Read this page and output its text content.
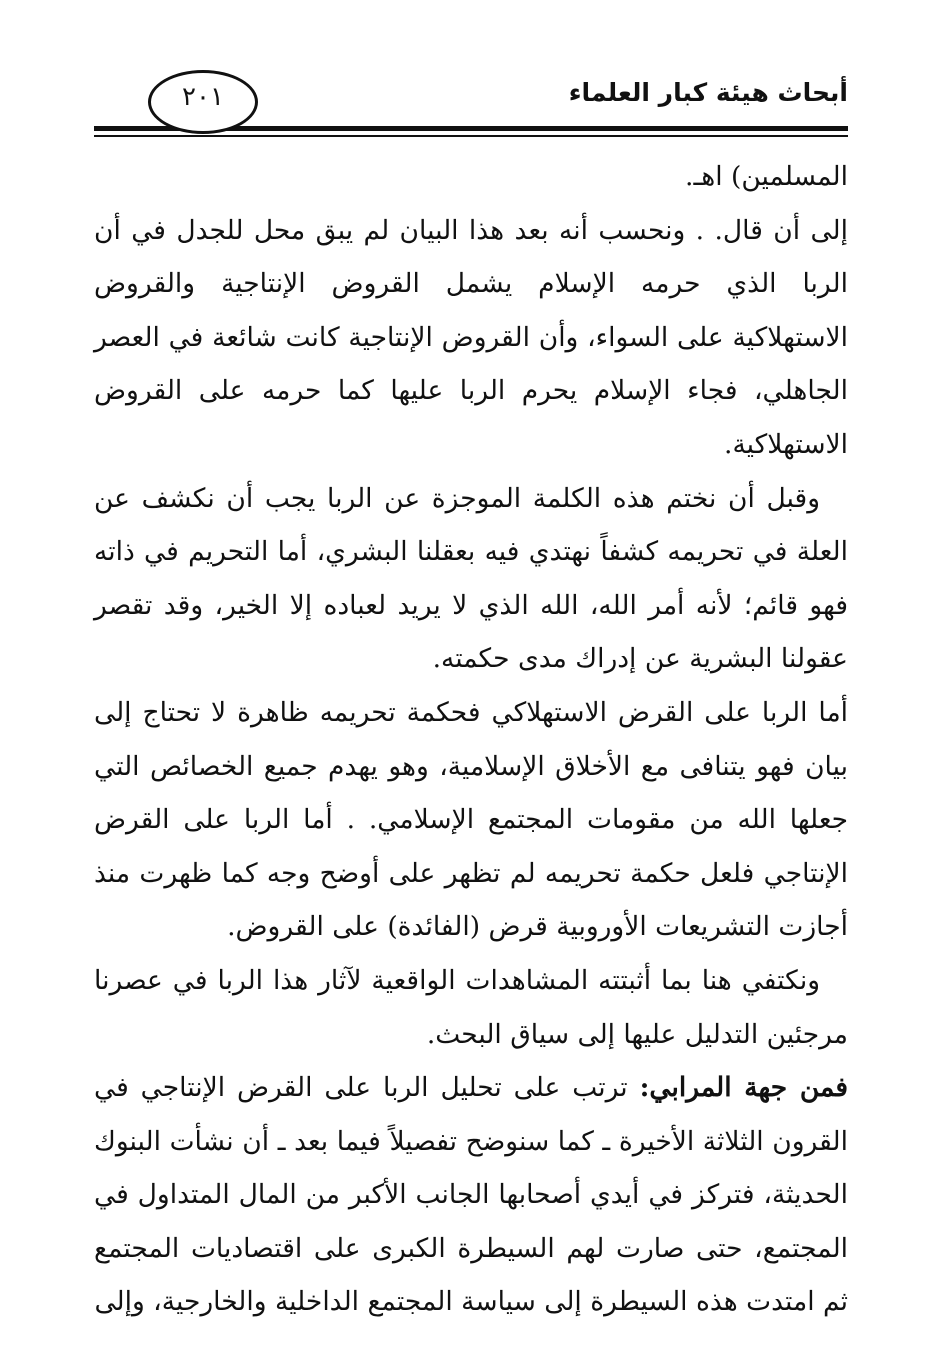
أبحاث هيئة كبار العلماء
٢٠١

المسلمين) اهـ.

إلى أن قال. . ونحسب أنه بعد هذا البيان لم يبق محل للجدل في أن الربا الذي حرمه الإسلام يشمل القروض الإنتاجية والقروض الاستهلاكية على السواء، وأن القروض الإنتاجية كانت شائعة في العصر الجاهلي، فجاء الإسلام يحرم الربا عليها كما حرمه على القروض الاستهلاكية.

وقبل أن نختم هذه الكلمة الموجزة عن الربا يجب أن نكشف عن العلة في تحريمه كشفاً نهتدي فيه بعقلنا البشري، أما التحريم في ذاته فهو قائم؛ لأنه أمر الله، الله الذي لا يريد لعباده إلا الخير، وقد تقصر عقولنا البشرية عن إدراك مدى حكمته.

أما الربا على القرض الاستهلاكي فحكمة تحريمه ظاهرة لا تحتاج إلى بيان فهو يتنافى مع الأخلاق الإسلامية، وهو يهدم جميع الخصائص التي جعلها الله من مقومات المجتمع الإسلامي. . أما الربا على القرض الإنتاجي فلعل حكمة تحريمه لم تظهر على أوضح وجه كما ظهرت منذ أجازت التشريعات الأوروبية قرض (الفائدة) على القروض.

ونكتفي هنا بما أثبتته المشاهدات الواقعية لآثار هذا الربا في عصرنا مرجئين التدليل عليها إلى سياق البحث.

فمن جهة المرابي: ترتب على تحليل الربا على القرض الإنتاجي في القرون الثلاثة الأخيرة ـ كما سنوضح تفصيلاً فيما بعد ـ أن نشأت البنوك الحديثة، فتركز في أيدي أصحابها الجانب الأكبر من المال المتداول في المجتمع، حتى صارت لهم السيطرة الكبرى على اقتصاديات المجتمع ثم امتدت هذه السيطرة إلى سياسة المجتمع الداخلية والخارجية، وإلى
